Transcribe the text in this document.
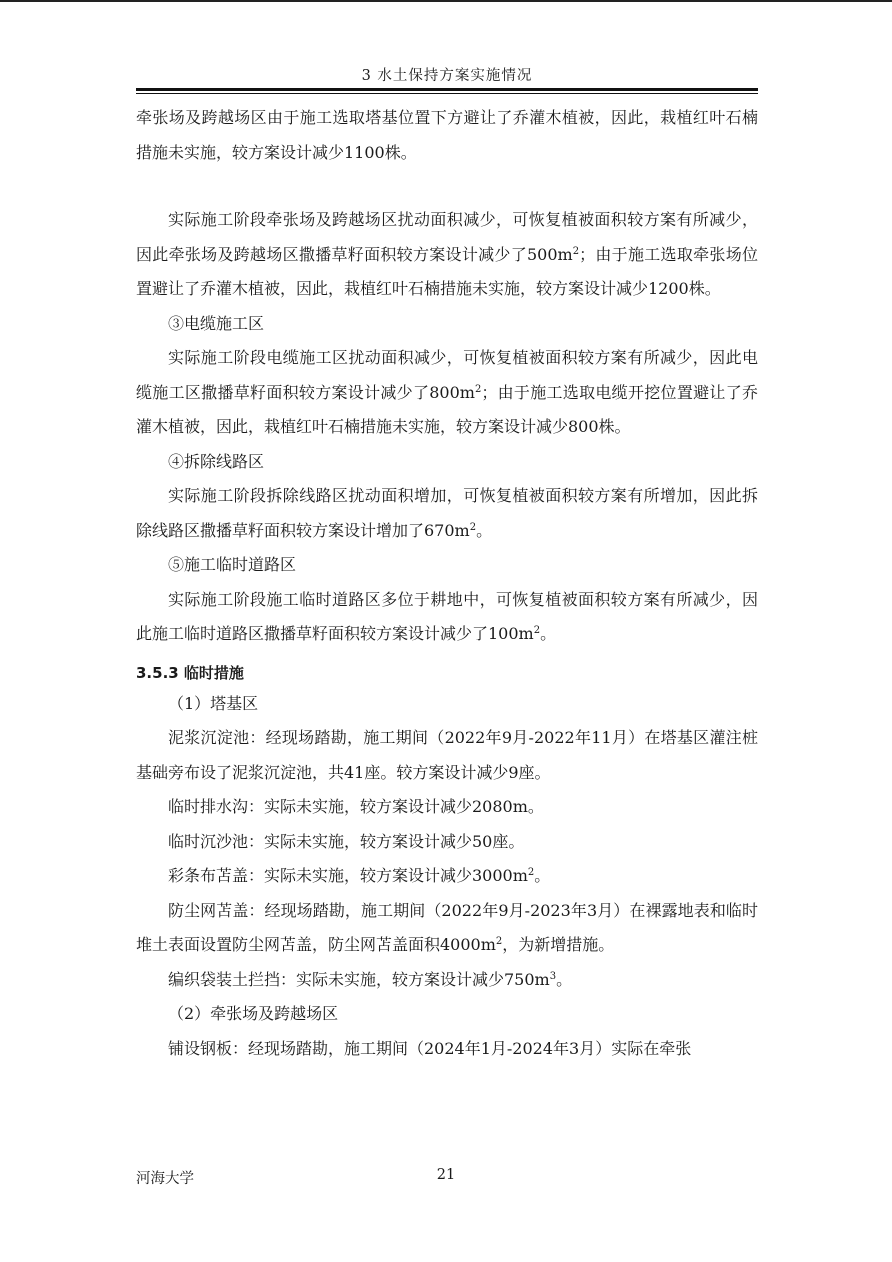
3 水土保持方案实施情况

牵张场及跨越场区由于施工选取塔基位置下方避让了乔灌木植被，因此，栽植红叶石楠措施未实施，较方案设计减少1100株。

实际施工阶段牵张场及跨越场区扰动面积减少，可恢复植被面积较方案有所减少，因此牵张场及跨越场区撒播草籽面积较方案设计减少了$500m^2$；由于施工选取牵张场位置避让了乔灌木植被，因此，栽植红叶石楠措施未实施，较方案设计减少1200株。

③电缆施工区

实际施工阶段电缆施工区扰动面积减少，可恢复植被面积较方案有所减少，因此电缆施工区撒播草籽面积较方案设计减少了$800m^2$；由于施工选取电缆开挖位置避让了乔灌木植被，因此，栽植红叶石楠措施未实施，较方案设计减少800株。

④拆除线路区

实际施工阶段拆除线路区扰动面积增加，可恢复植被面积较方案有所增加，因此拆除线路区撒播草籽面积较方案设计增加了$670m^2$。

⑤施工临时道路区

实际施工阶段施工临时道路区多位于耕地中，可恢复植被面积较方案有所减少，因此施工临时道路区撒播草籽面积较方案设计减少了$100m^2$。

3.5.3 临时措施

（1）塔基区

泥浆沉淀池：经现场踏勘，施工期间（2022年9月-2022年11月）在塔基区灌注桩基础旁布设了泥浆沉淀池，共41座。较方案设计减少9座。

临时排水沟：实际未实施，较方案设计减少2080m。

临时沉沙池：实际未实施，较方案设计减少50座。

彩条布苫盖：实际未实施，较方案设计减少$3000m^2$。

防尘网苫盖：经现场踏勘，施工期间（2022年9月-2023年3月）在裸露地表和临时堆土表面设置防尘网苫盖，防尘网苫盖面积$4000m^2$，为新增措施。

编织袋装土拦挡：实际未实施，较方案设计减少$750m^3$。

（2）牵张场及跨越场区

铺设钢板：经现场踏勘，施工期间（2024年1月-2024年3月）实际在牵张

河海大学	21
